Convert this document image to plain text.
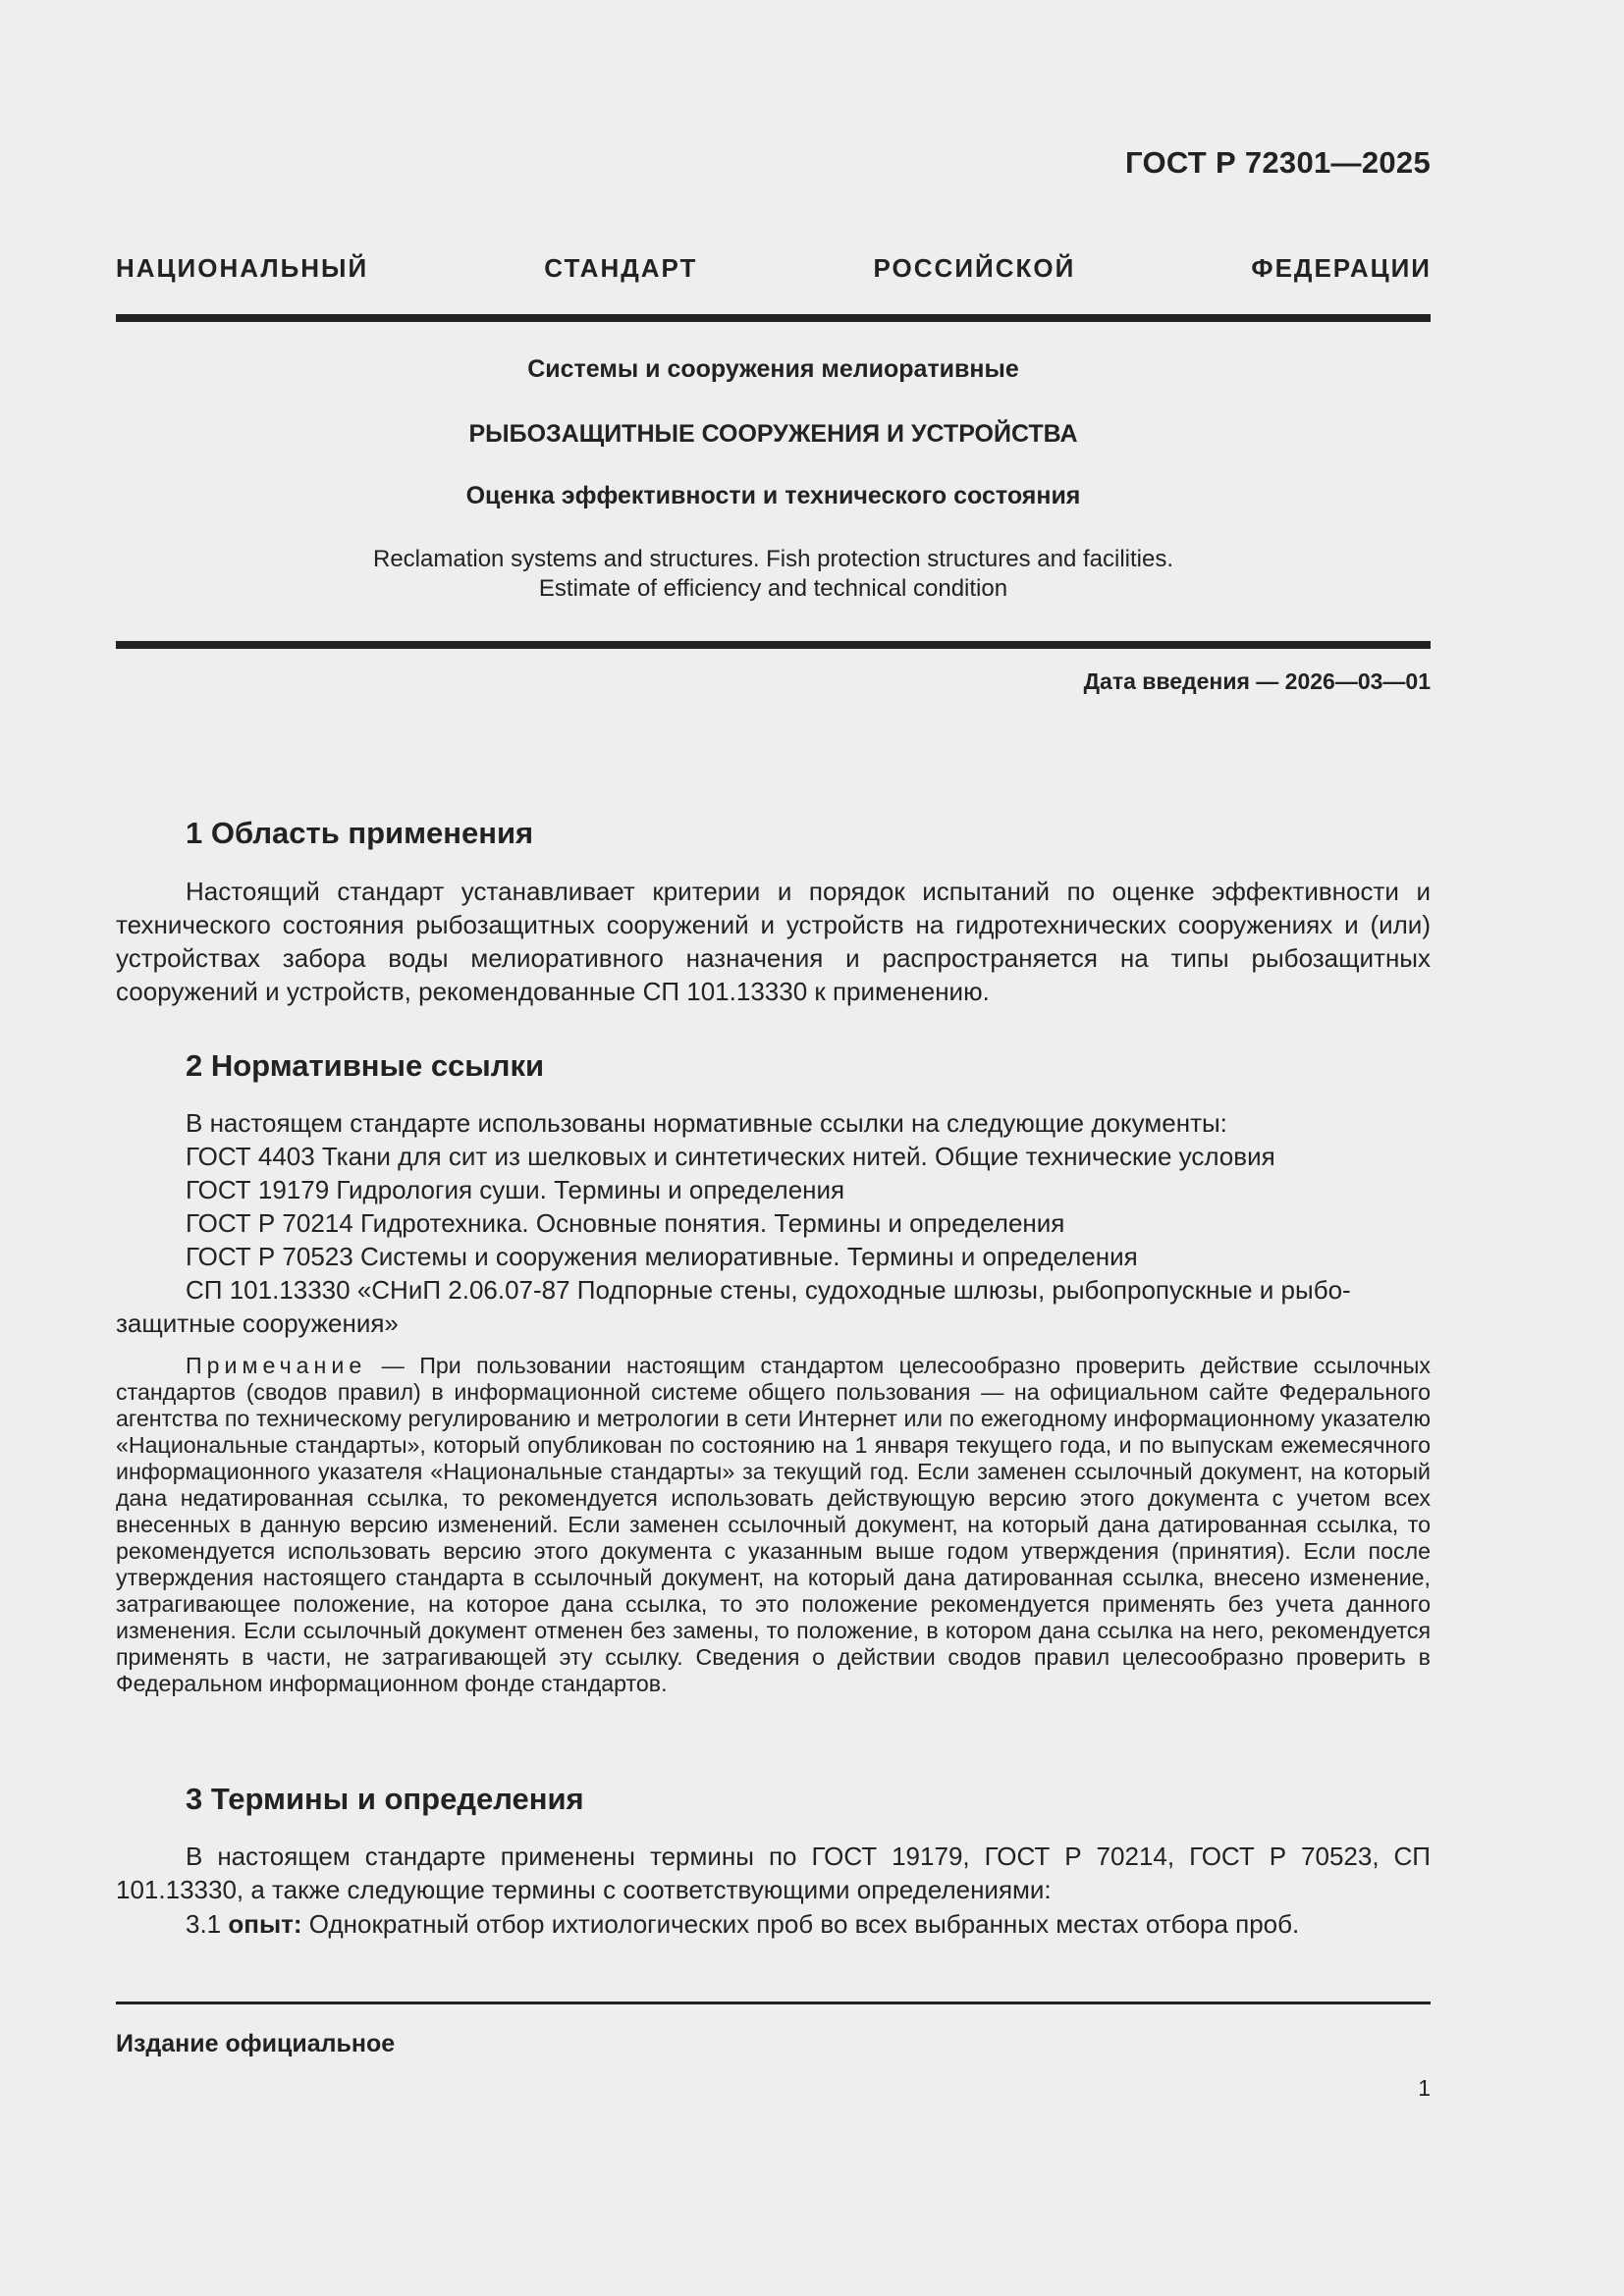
ГОСТ Р 72301—2025
НАЦИОНАЛЬНЫЙ СТАНДАРТ РОССИЙСКОЙ ФЕДЕРАЦИИ
Системы и сооружения мелиоративные
РЫБОЗАЩИТНЫЕ СООРУЖЕНИЯ И УСТРОЙСТВА
Оценка эффективности и технического состояния
Reclamation systems and structures. Fish protection structures and facilities.
Estimate of efficiency and technical condition
Дата введения — 2026—03—01
1 Область применения

Настоящий стандарт устанавливает критерии и порядок испытаний по оценке эффективности и технического состояния рыбозащитных сооружений и устройств на гидротехнических сооружениях и (или) устройствах забора воды мелиоративного назначения и распространяется на типы рыбозащитных сооружений и устройств, рекомендованные СП 101.13330 к применению.

2 Нормативные ссылки
В настоящем стандарте использованы нормативные ссылки на следующие документы:
ГОСТ 4403 Ткани для сит из шелковых и синтетических нитей. Общие технические условия
ГОСТ 19179 Гидрология суши. Термины и определения
ГОСТ Р 70214 Гидротехника. Основные понятия. Термины и определения
ГОСТ Р 70523 Системы и сооружения мелиоративные. Термины и определения
СП 101.13330 «СНиП 2.06.07-87 Подпорные стены, судоходные шлюзы, рыбопропускные и рыбо-
защитные сооружения»

Примечание — При пользовании настоящим стандартом целесообразно проверить действие ссылочных стандартов (сводов правил) в информационной системе общего пользования — на официальном сайте Федерального агентства по техническому регулированию и метрологии в сети Интернет или по ежегодному информационному указателю «Национальные стандарты», который опубликован по состоянию на 1 января текущего года, и по выпускам ежемесячного информационного указателя «Национальные стандарты» за текущий год. Если заменен ссылочный документ, на который дана недатированная ссылка, то рекомендуется использовать действующую версию этого документа с учетом всех внесенных в данную версию изменений. Если заменен ссылочный документ, на который дана датированная ссылка, то рекомендуется использовать версию этого документа с указанным выше годом утверждения (принятия). Если после утверждения настоящего стандарта в ссылочный документ, на который дана датированная ссылка, внесено изменение, затрагивающее положение, на которое дана ссылка, то это положение рекомендуется применять без учета данного изменения. Если ссылочный документ отменен без замены, то положение, в котором дана ссылка на него, рекомендуется применять в части, не затрагивающей эту ссылку. Сведения о действии сводов правил целесообразно проверить в Федеральном информационном фонде стандартов.

3 Термины и определения

В настоящем стандарте применены термины по ГОСТ 19179, ГОСТ Р 70214, ГОСТ Р 70523, СП 101.13330, а также следующие термины с соответствующими определениями:

3.1 опыт: Однократный отбор ихтиологических проб во всех выбранных местах отбора проб.

Издание официальное
1
